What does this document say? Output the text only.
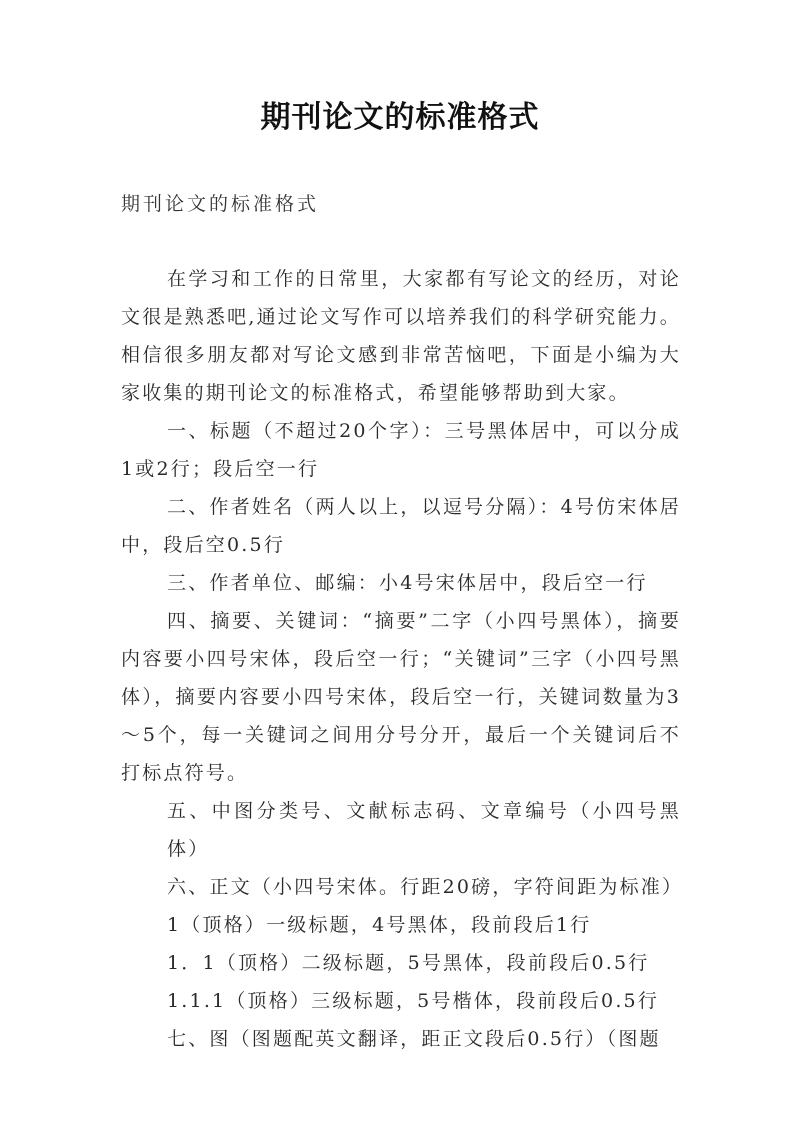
期刊论文的标准格式
期刊论文的标准格式

在学习和工作的日常里，大家都有写论文的经历，对论文很是熟悉吧,通过论文写作可以培养我们的科学研究能力。相信很多朋友都对写论文感到非常苦恼吧，下面是小编为大家收集的期刊论文的标准格式，希望能够帮助到大家。

一、标题（不超过20个字）：三号黑体居中，可以分成1或2行；段后空一行

二、作者姓名（两人以上，以逗号分隔）：4号仿宋体居中，段后空0.5行

三、作者单位、邮编：小4号宋体居中，段后空一行

四、摘要、关键词：“摘要”二字（小四号黑体），摘要内容要小四号宋体，段后空一行；“关键词”三字（小四号黑体），摘要内容要小四号宋体，段后空一行，关键词数量为3～5个，每一关键词之间用分号分开，最后一个关键词后不打标点符号。

五、中图分类号、文献标志码、文章编号（小四号黑体）

六、正文（小四号宋体。行距20磅，字符间距为标准）

1（顶格）一级标题，4号黑体，段前段后1行

1．1（顶格）二级标题，5号黑体，段前段后0.5行

1.1.1（顶格）三级标题，5号楷体，段前段后0.5行

七、图（图题配英文翻译，距正文段后0.5行）（图题
